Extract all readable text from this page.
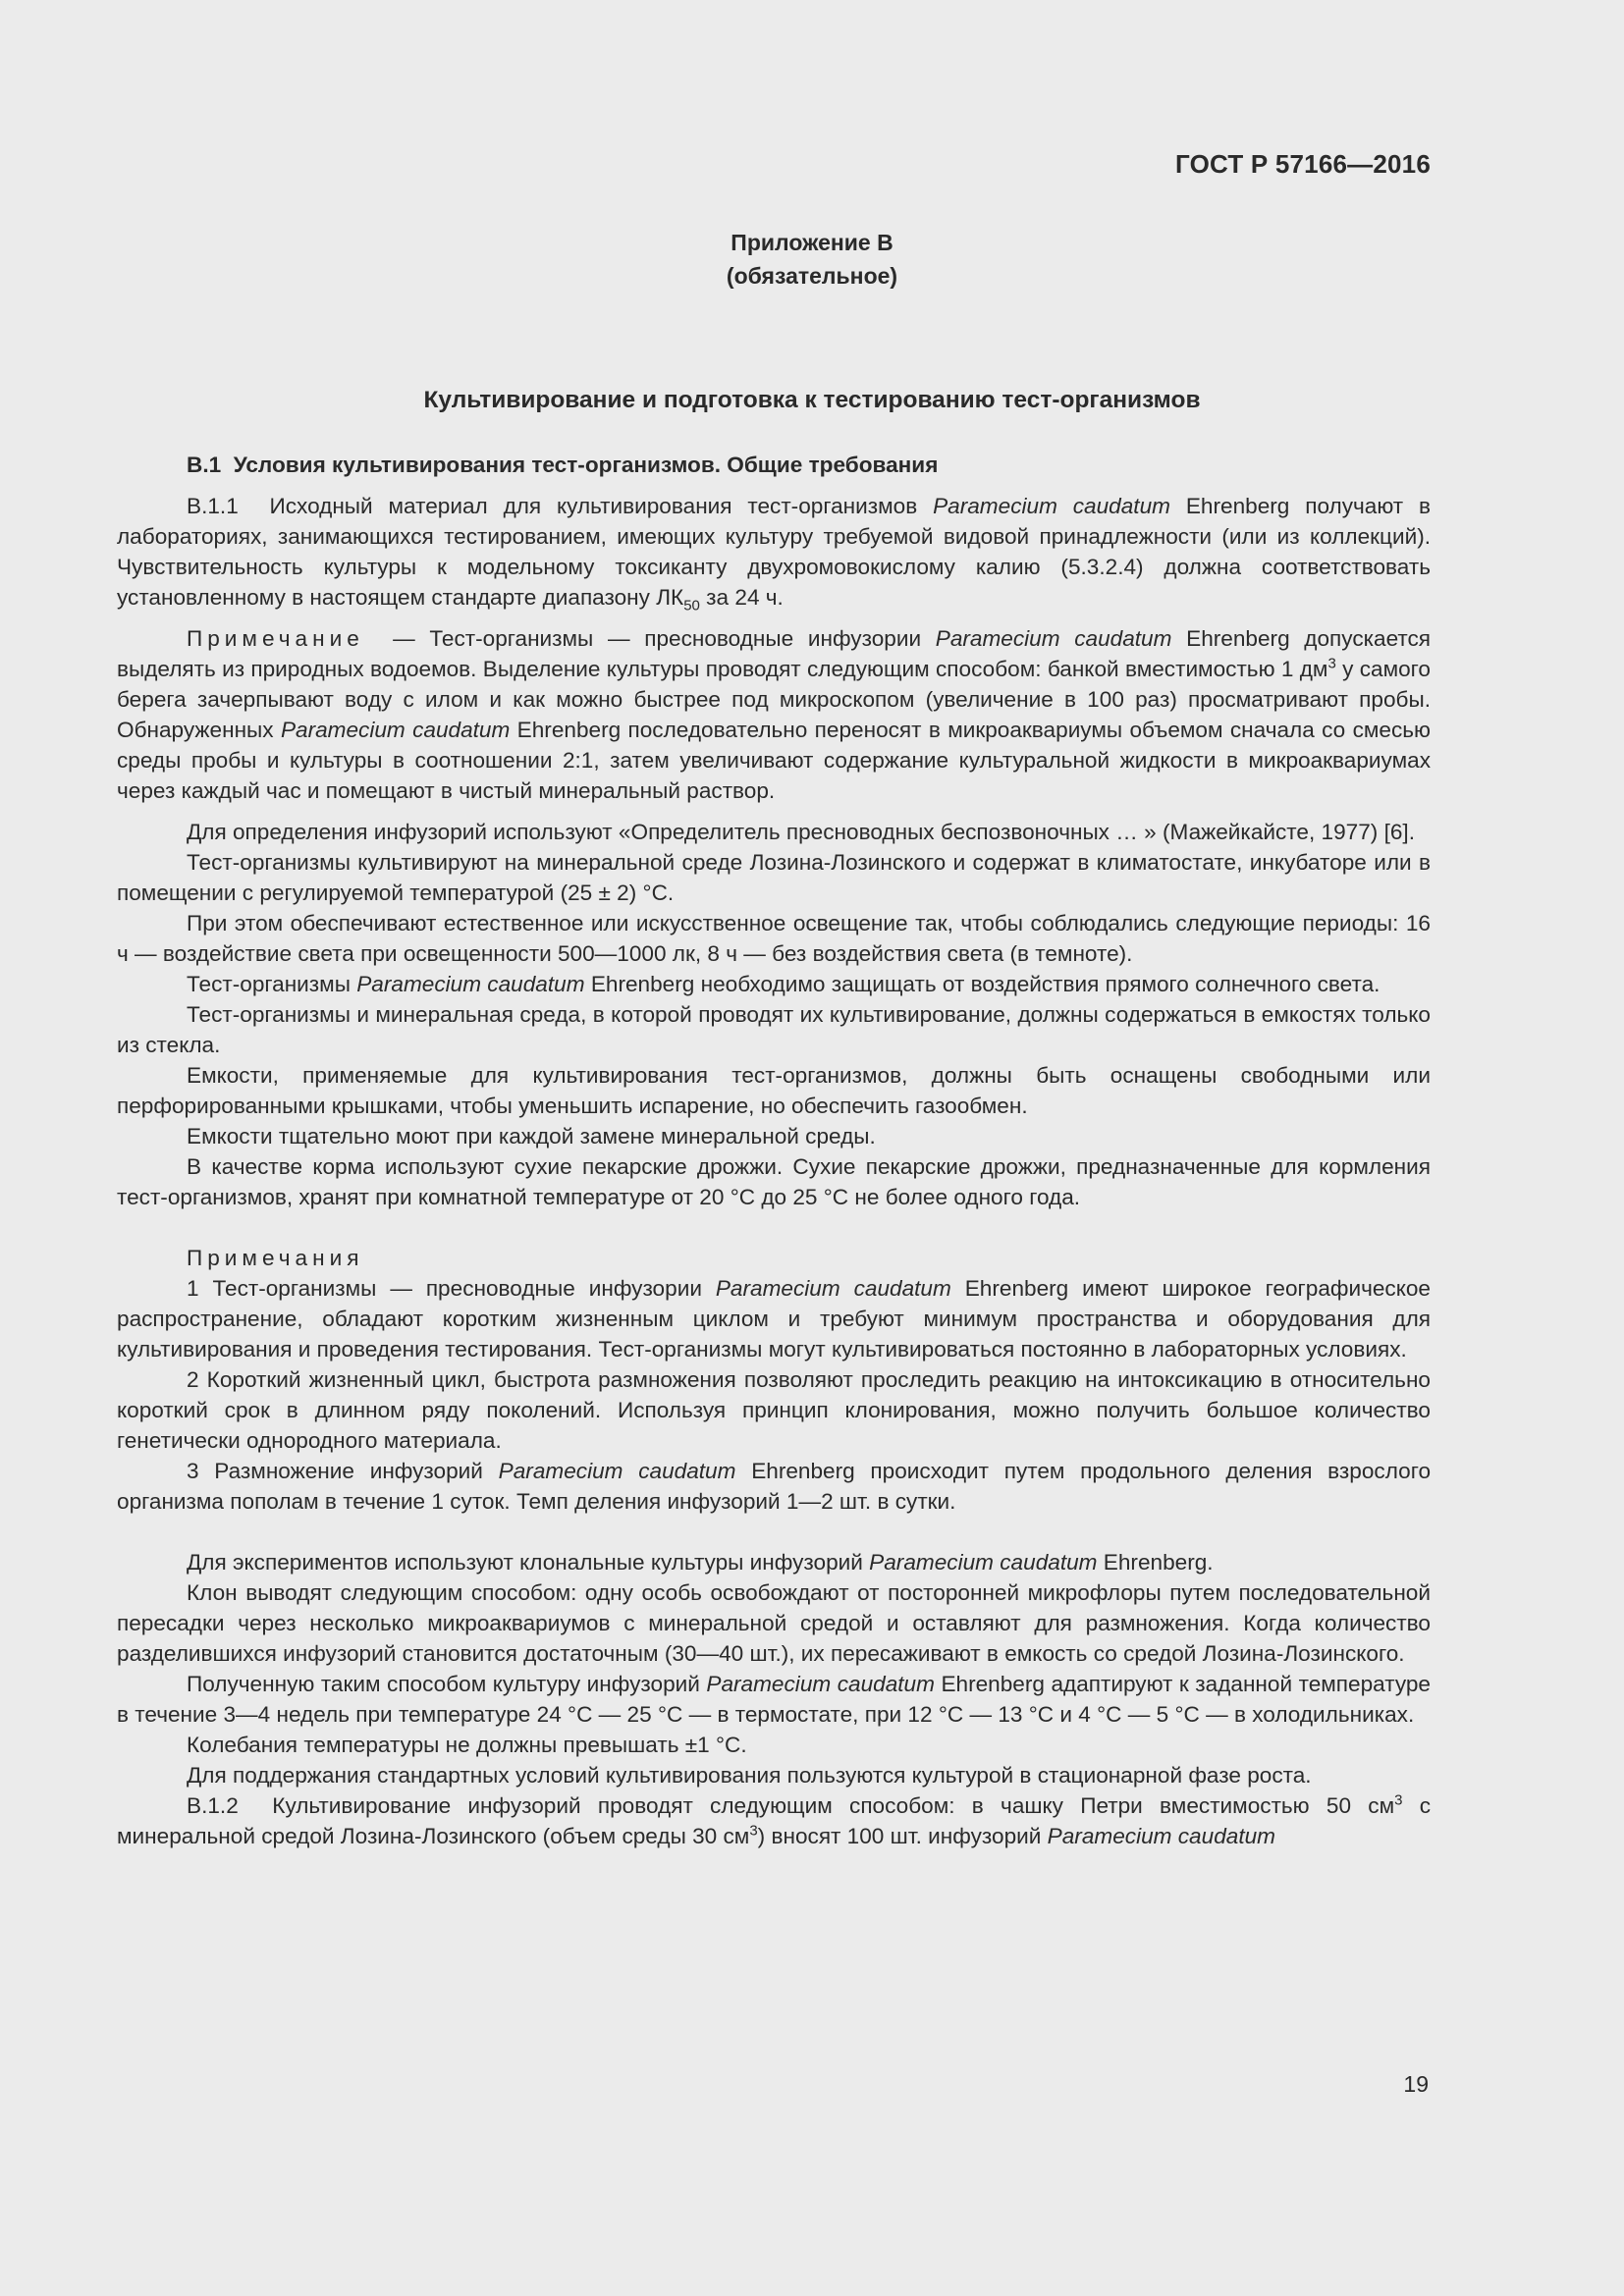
ГОСТ Р 57166—2016
Приложение В
(обязательное)
Культивирование и подготовка к тестированию тест-организмов

В.1 Условия культивирования тест-организмов. Общие требования

В.1.1 Исходный материал для культивирования тест-организмов Paramecium caudatum Ehrenberg получают в лабораториях, занимающихся тестированием, имеющих культуру требуемой видовой принадлежности (или из коллекций). Чувствительность культуры к модельному токсиканту двухромовокислому калию (5.3.2.4) должна соответствовать установленному в настоящем стандарте диапазону $ЛК_{50}$ за 24 ч.

Примечание — Тест-организмы — пресноводные инфузории Paramecium caudatum Ehrenberg допускается выделять из природных водоемов. Выделение культуры проводят следующим способом: банкой вместимостью 1 $дм^3$ у самого берега зачерпывают воду с илом и как можно быстрее под микроскопом (увеличение в 100 раз) просматривают пробы. Обнаруженных Paramecium caudatum Ehrenberg последовательно переносят в микроаквариумы объемом сначала со смесью среды пробы и культуры в соотношении 2:1, затем увеличивают содержание культуральной жидкости в микроаквариумах через каждый час и помещают в чистый минеральный раствор.

Для определения инфузорий используют «Определитель пресноводных беспозвоночных … » (Мажейкайсте, 1977) [6].

Тест-организмы культивируют на минеральной среде Лозина-Лозинского и содержат в климатостате, инкубаторе или в помещении с регулируемой температурой (25 ± 2) °С.

При этом обеспечивают естественное или искусственное освещение так, чтобы соблюдались следующие периоды: 16 ч — воздействие света при освещенности 500—1000 лк, 8 ч — без воздействия света (в темноте).

Тест-организмы Paramecium caudatum Ehrenberg необходимо защищать от воздействия прямого солнечного света.

Тест-организмы и минеральная среда, в которой проводят их культивирование, должны содержаться в емкостях только из стекла.

Емкости, применяемые для культивирования тест-организмов, должны быть оснащены свободными или перфорированными крышками, чтобы уменьшить испарение, но обеспечить газообмен.

Емкости тщательно моют при каждой замене минеральной среды.

В качестве корма используют сухие пекарские дрожжи. Сухие пекарские дрожжи, предназначенные для кормления тест-организмов, хранят при комнатной температуре от 20 °С до 25 °С не более одного года.

Примечания

1 Тест-организмы — пресноводные инфузории Paramecium caudatum Ehrenberg имеют широкое географическое распространение, обладают коротким жизненным циклом и требуют минимум пространства и оборудования для культивирования и проведения тестирования. Тест-организмы могут культивироваться постоянно в лабораторных условиях.

2 Короткий жизненный цикл, быстрота размножения позволяют проследить реакцию на интоксикацию в относительно короткий срок в длинном ряду поколений. Используя принцип клонирования, можно получить большое количество генетически однородного материала.

3 Размножение инфузорий Paramecium caudatum Ehrenberg происходит путем продольного деления взрослого организма пополам в течение 1 суток. Темп деления инфузорий 1—2 шт. в сутки.

Для экспериментов используют клональные культуры инфузорий Paramecium caudatum Ehrenberg.

Клон выводят следующим способом: одну особь освобождают от посторонней микрофлоры путем последовательной пересадки через несколько микроаквариумов с минеральной средой и оставляют для размножения. Когда количество разделившихся инфузорий становится достаточным (30—40 шт.), их пересаживают в емкость со средой Лозина-Лозинского.

Полученную таким способом культуру инфузорий Paramecium caudatum Ehrenberg адаптируют к заданной температуре в течение 3—4 недель при температуре 24 °С — 25 °С — в термостате, при 12 °С — 13 °С и 4 °С — 5 °С — в холодильниках.

Колебания температуры не должны превышать ±1 °С.

Для поддержания стандартных условий культивирования пользуются культурой в стационарной фазе роста.

В.1.2 Культивирование инфузорий проводят следующим способом: в чашку Петри вместимостью 50 $см^3$ с минеральной средой Лозина-Лозинского (объем среды 30 $см^3$) вносят 100 шт. инфузорий Paramecium caudatum

19
